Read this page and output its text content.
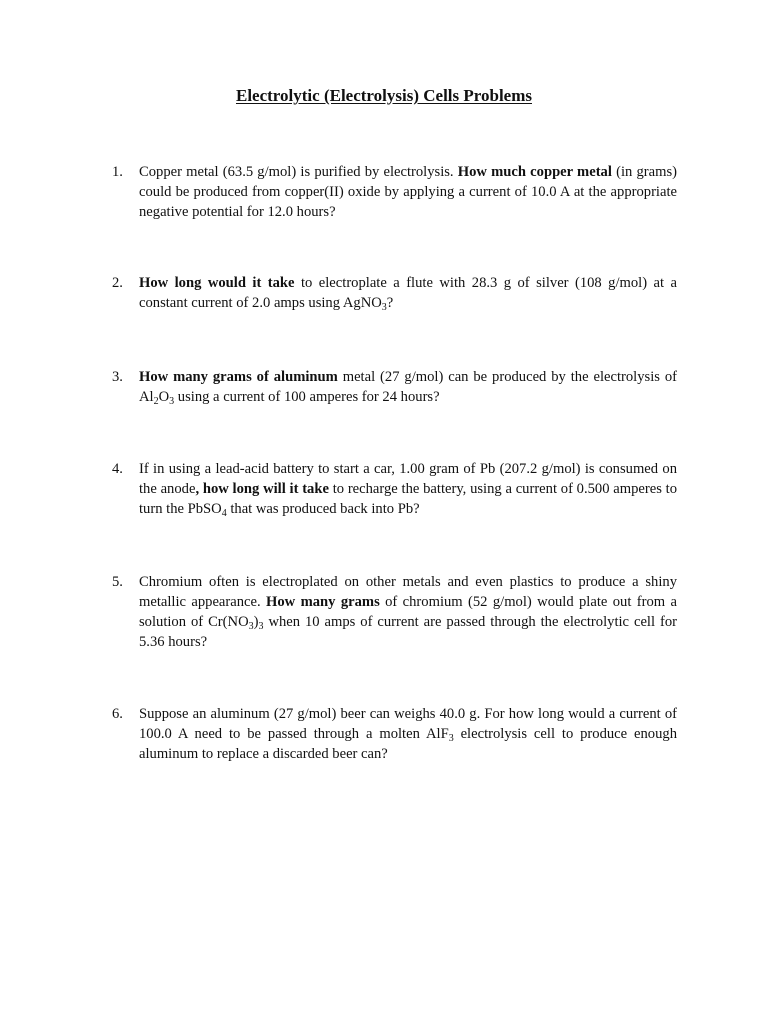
Electrolytic (Electrolysis) Cells Problems
1.	Copper metal (63.5 g/mol) is purified by electrolysis. How much copper metal (in grams) could be produced from copper(II) oxide by applying a current of 10.0 A at the appropriate negative potential for 12.0 hours?
2.	How long would it take to electroplate a flute with 28.3 g of silver (108 g/mol) at a constant current of 2.0 amps using AgNO$_3$?
3.	How many grams of aluminum metal (27 g/mol) can be produced by the electrolysis of $Al_2O_3$ using a current of 100 amperes for 24 hours?
4.	If in using a lead-acid battery to start a car, 1.00 gram of Pb (207.2 g/mol) is consumed on the anode, how long will it take to recharge the battery, using a current of 0.500 amperes to turn the PbSO$_4$ that was produced back into Pb?
5.	Chromium often is electroplated on other metals and even plastics to produce a shiny metallic appearance. How many grams of chromium (52 g/mol) would plate out from a solution of $Cr(NO_3)_3$ when 10 amps of current are passed through the electrolytic cell for 5.36 hours?
6.	Suppose an aluminum (27 g/mol) beer can weighs 40.0 g. For how long would a current of 100.0 A need to be passed through a molten AlF$_3$ electrolysis cell to produce enough aluminum to replace a discarded beer can?
